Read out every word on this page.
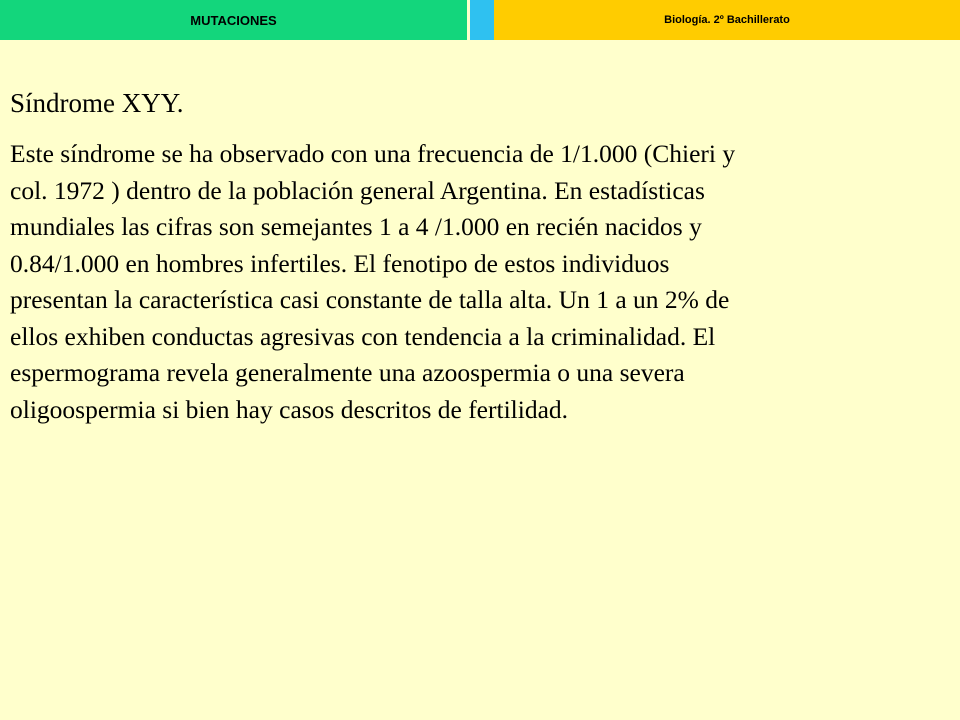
MUTACIONES	Biología. 2º Bachillerato
Síndrome XYY.

Este síndrome se ha observado con una frecuencia de 1/1.000 (Chieri y
col. 1972 ) dentro de la población general Argentina. En estadísticas
mundiales las cifras son semejantes 1 a 4 /1.000 en recién nacidos y
0.84/1.000 en hombres infertiles. El fenotipo de estos individuos
presentan la característica casi constante de talla alta. Un 1 a un 2% de
ellos exhiben conductas agresivas con tendencia a la criminalidad. El
espermograma revela generalmente una azoospermia o una severa
oligoospermia si bien hay casos descritos de fertilidad.
